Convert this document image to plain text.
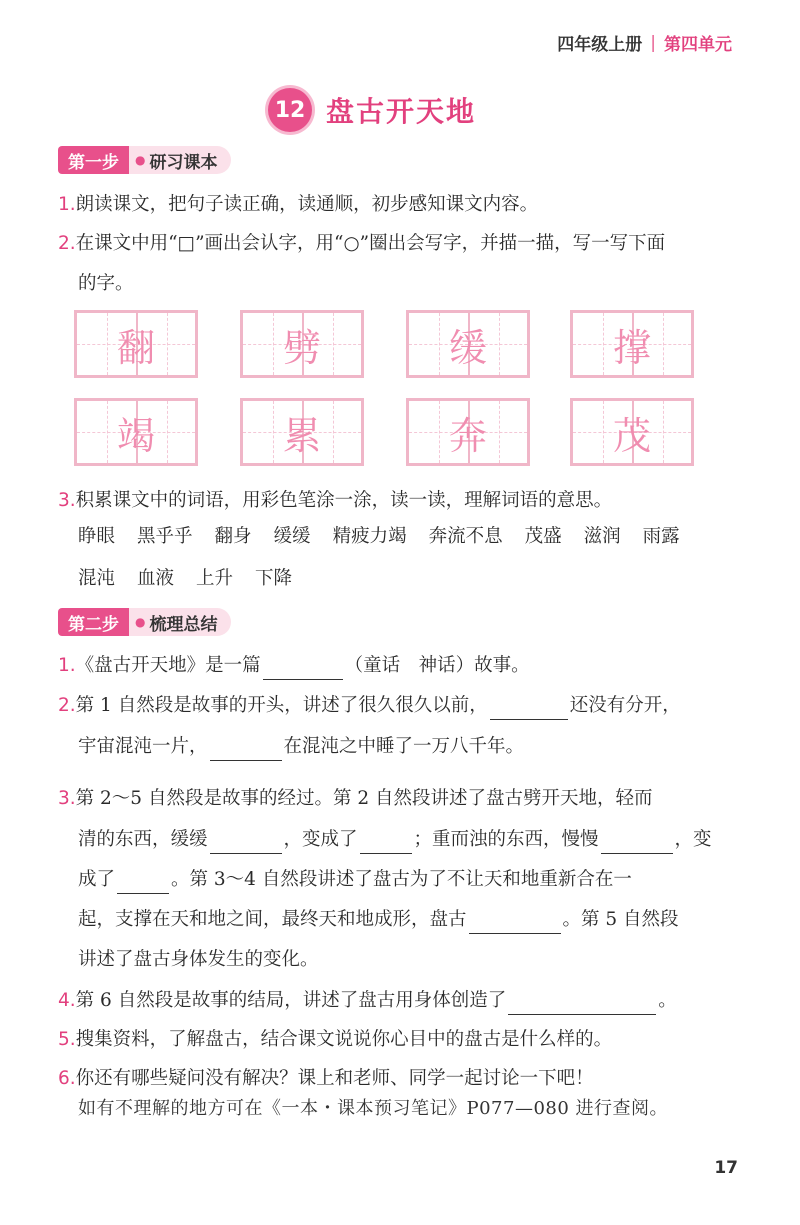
四年级上册 | 第四单元
12 盘古开天地
第一步	● 研习课本
1.朗读课文，把句子读正确，读通顺，初步感知课文内容。
2.在课文中用“□”画出会认字，用“○”圈出会写字，并描一描，写一写下面
的字。
翻	劈	缓	撑
竭	累	奔	茂
3.积累课文中的词语，用彩色笔涂一涂，读一读，理解词语的意思。
睁眼 黑乎乎 翻身 缓缓 精疲力竭 奔流不息 茂盛 滋润 雨露
混沌 血液 上升 下降
第二步	● 梳理总结
1.《盘古开天地》是一篇	（童话　神话）故事。
2.第 1 自然段是故事的开头，讲述了很久很久以前，	还没有分开，
宇宙混沌一片，	在混沌之中睡了一万八千年。
3.第 2～5 自然段是故事的经过。第 2 自然段讲述了盘古劈开天地，轻而
清的东西，缓缓	，变成了	；重而浊的东西，慢慢	，变
成了	。第 3～4 自然段讲述了盘古为了不让天和地重新合在一
起，支撑在天和地之间，最终天和地成形，盘古	。第 5 自然段
讲述了盘古身体发生的变化。
4.第 6 自然段是故事的结局，讲述了盘古用身体创造了	。
5.搜集资料，了解盘古，结合课文说说你心目中的盘古是什么样的。
6.你还有哪些疑问没有解决？课上和老师、同学一起讨论一下吧！
如有不理解的地方可在《一本・课本预习笔记》P077—080 进行查阅。
17
